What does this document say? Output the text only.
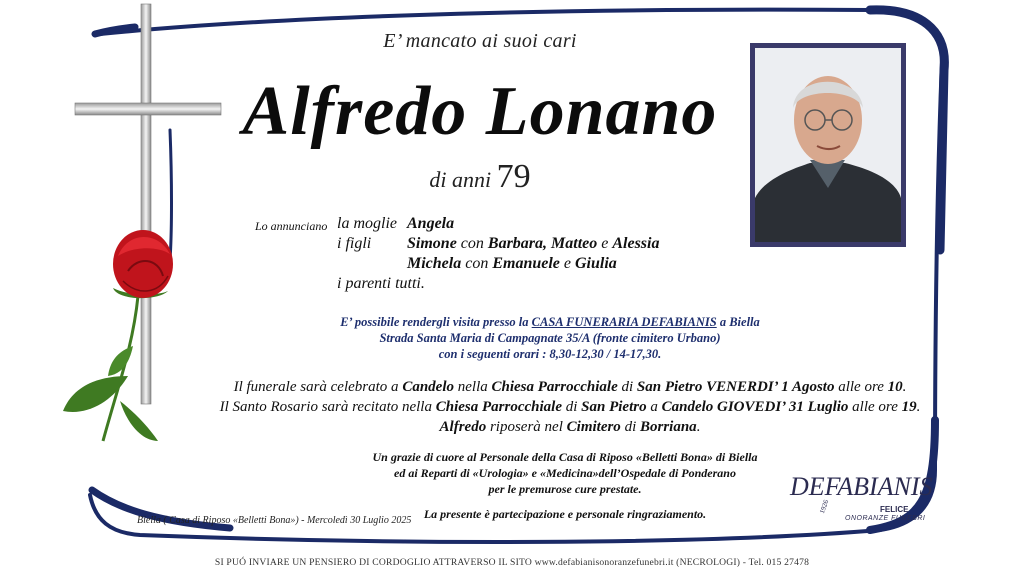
E’ mancato ai suoi cari
Alfredo Lonano
di anni 79
Lo annunciano la moglie Angela
i figli Simone con Barbara, Matteo e Alessia
Michela con Emanuele e Giulia
i parenti tutti.
E’ possibile rendergli visita presso la CASA FUNERARIA DEFABIANIS a Biella
Strada Santa Maria di Campagnate 35/A (fronte cimitero Urbano)
con i seguenti orari : 8,30-12,30 / 14-17,30.
Il funerale sarà celebrato a Candelo nella Chiesa Parrocchiale di San Pietro VENERDI’ 1 Agosto alle ore 10.
Il Santo Rosario sarà recitato nella Chiesa Parrocchiale di San Pietro a Candelo GIOVEDI’ 31 Luglio alle ore 19.
Alfredo riposerà nel Cimitero di Borriana.
Un grazie di cuore al Personale della Casa di Riposo «Belletti Bona» di Biella
ed ai Reparti di «Urologia» e «Medicina»dell’Ospedale di Ponderano
per le premurose cure prestate.
La presente è partecipazione e personale ringraziamento.
Biella ( Casa di Riposo «Belletti Bona») - Mercoledì 30 Luglio 2025
DEFABIANIS
FELICE
ONORANZE FUNEBRI
1926
SI PUÓ INVIARE UN PENSIERO DI CORDOGLIO ATTRAVERSO IL SITO www.defabianisonoranzefunebri.it (NECROLOGI) - Tel. 015 27478
